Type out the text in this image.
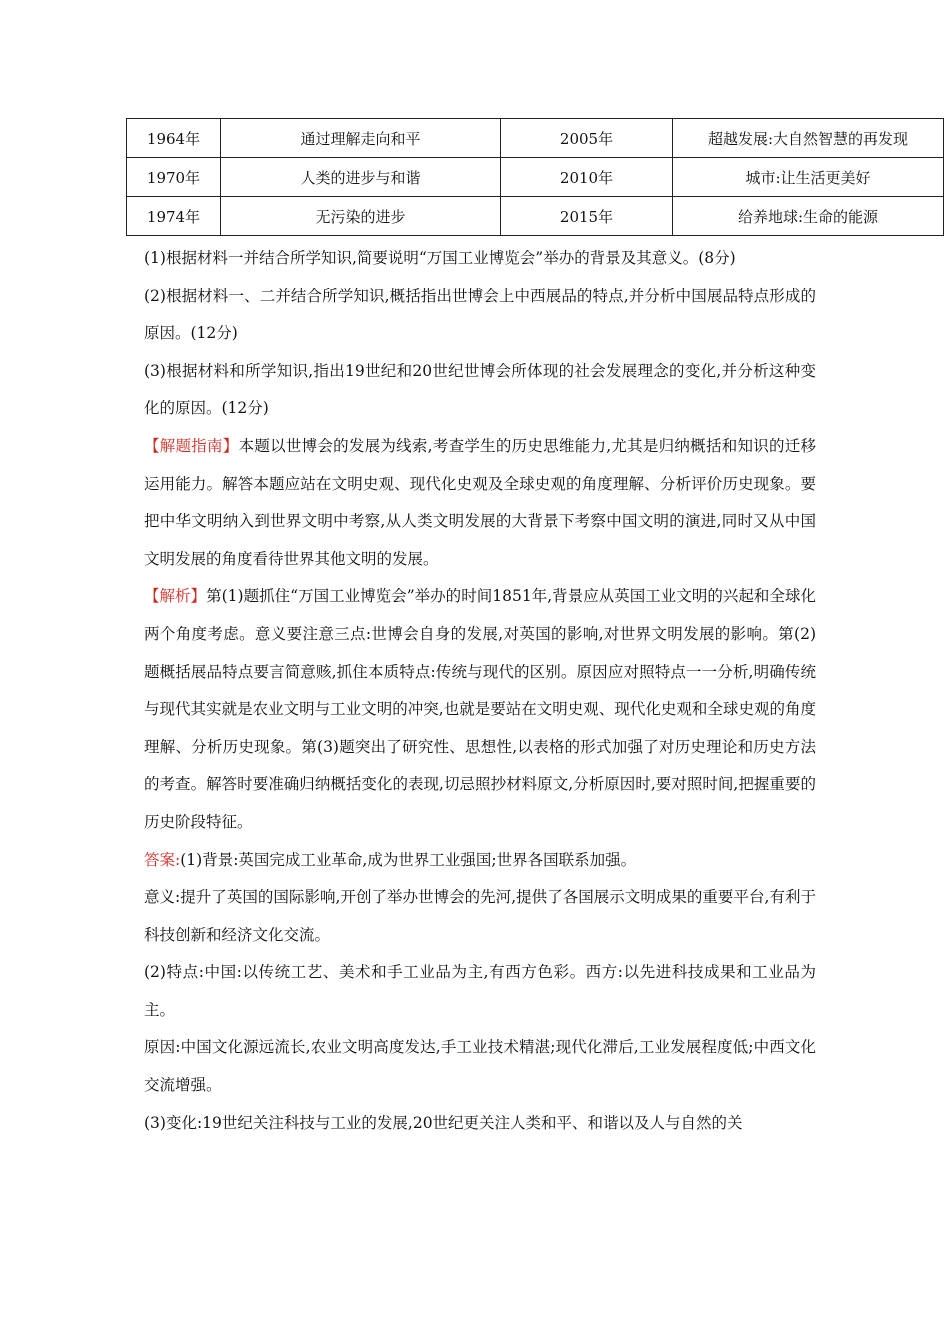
1964年	通过理解走向和平	2005年	超越发展:大自然智慧的再发现
1970年	人类的进步与和谐	2010年	城市:让生活更美好
1974年	无污染的进步	2015年	给养地球:生命的能源

(1)根据材料一并结合所学知识,简要说明“万国工业博览会”举办的背景及其意义。(8分)

(2)根据材料一、二并结合所学知识,概括指出世博会上中西展品的特点,并分析中国展品特点形成的原因。(12分)

(3)根据材料和所学知识,指出19世纪和20世纪世博会所体现的社会发展理念的变化,并分析这种变化的原因。(12分)

【解题指南】本题以世博会的发展为线索,考查学生的历史思维能力,尤其是归纳概括和知识的迁移运用能力。解答本题应站在文明史观、现代化史观及全球史观的角度理解、分析评价历史现象。要把中华文明纳入到世界文明中考察,从人类文明发展的大背景下考察中国文明的演进,同时又从中国文明发展的角度看待世界其他文明的发展。

【解析】第(1)题抓住“万国工业博览会”举办的时间1851年,背景应从英国工业文明的兴起和全球化两个角度考虑。意义要注意三点:世博会自身的发展,对英国的影响,对世界文明发展的影响。第(2)题概括展品特点要言简意赅,抓住本质特点:传统与现代的区别。原因应对照特点一一分析,明确传统与现代其实就是农业文明与工业文明的冲突,也就是要站在文明史观、现代化史观和全球史观的角度理解、分析历史现象。第(3)题突出了研究性、思想性,以表格的形式加强了对历史理论和历史方法的考查。解答时要准确归纳概括变化的表现,切忌照抄材料原文,分析原因时,要对照时间,把握重要的历史阶段特征。

答案:(1)背景:英国完成工业革命,成为世界工业强国;世界各国联系加强。

意义:提升了英国的国际影响,开创了举办世博会的先河,提供了各国展示文明成果的重要平台,有利于科技创新和经济文化交流。

(2)特点:中国:以传统工艺、美术和手工业品为主,有西方色彩。西方:以先进科技成果和工业品为主。

原因:中国文化源远流长,农业文明高度发达,手工业技术精湛;现代化滞后,工业发展程度低;中西文化交流增强。

(3)变化:19世纪关注科技与工业的发展,20世纪更关注人类和平、和谐以及人与自然的关
